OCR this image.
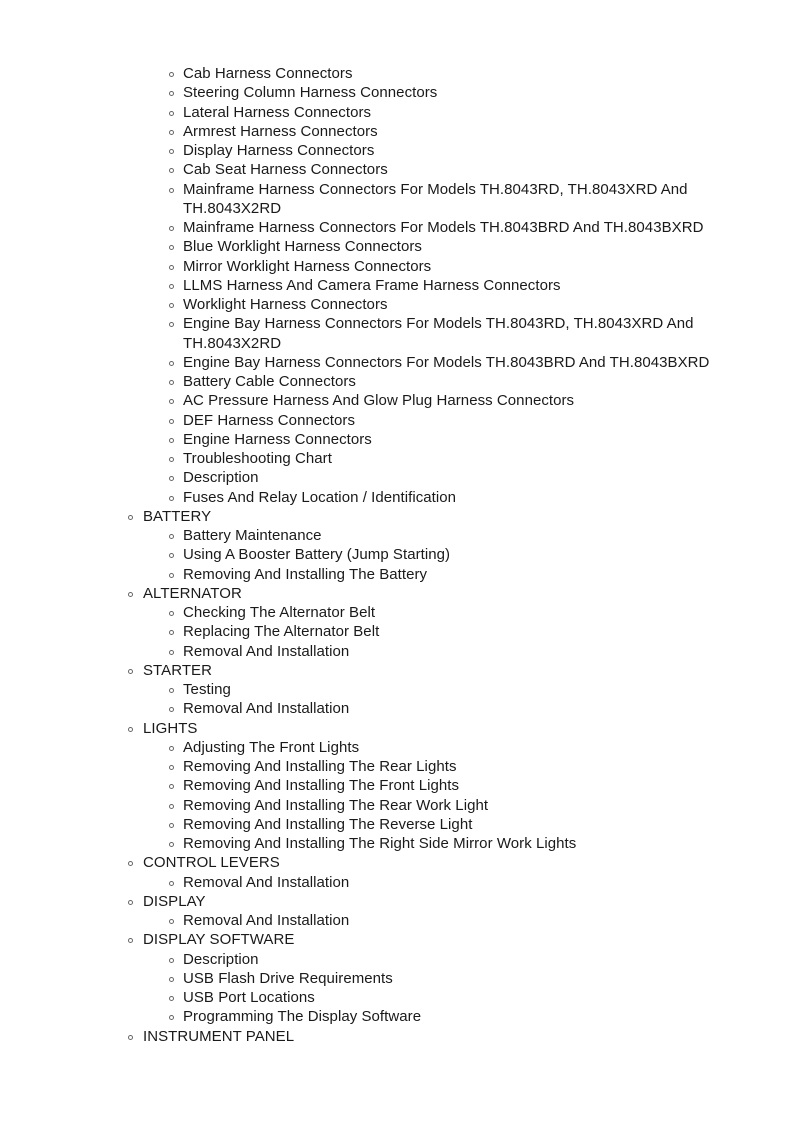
Cab Harness Connectors
Steering Column Harness Connectors
Lateral Harness Connectors
Armrest Harness Connectors
Display Harness Connectors
Cab Seat Harness Connectors
Mainframe Harness Connectors For Models TH.8043RD, TH.8043XRD And TH.8043X2RD
Mainframe Harness Connectors For Models TH.8043BRD And TH.8043BXRD
Blue Worklight Harness Connectors
Mirror Worklight Harness Connectors
LLMS Harness And Camera Frame Harness Connectors
Worklight Harness Connectors
Engine Bay Harness Connectors For Models TH.8043RD, TH.8043XRD And TH.8043X2RD
Engine Bay Harness Connectors For Models TH.8043BRD And TH.8043BXRD
Battery Cable Connectors
AC Pressure Harness And Glow Plug Harness Connectors
DEF Harness Connectors
Engine Harness Connectors
Troubleshooting Chart
Description
Fuses And Relay Location / Identification
BATTERY
Battery Maintenance
Using A Booster Battery (Jump Starting)
Removing And Installing The Battery
ALTERNATOR
Checking The Alternator Belt
Replacing The Alternator Belt
Removal And Installation
STARTER
Testing
Removal And Installation
LIGHTS
Adjusting The Front Lights
Removing And Installing The Rear Lights
Removing And Installing The Front Lights
Removing And Installing The Rear Work Light
Removing And Installing The Reverse Light
Removing And Installing The Right Side Mirror Work Lights
CONTROL LEVERS
Removal And Installation
DISPLAY
Removal And Installation
DISPLAY SOFTWARE
Description
USB Flash Drive Requirements
USB Port Locations
Programming The Display Software
INSTRUMENT PANEL
